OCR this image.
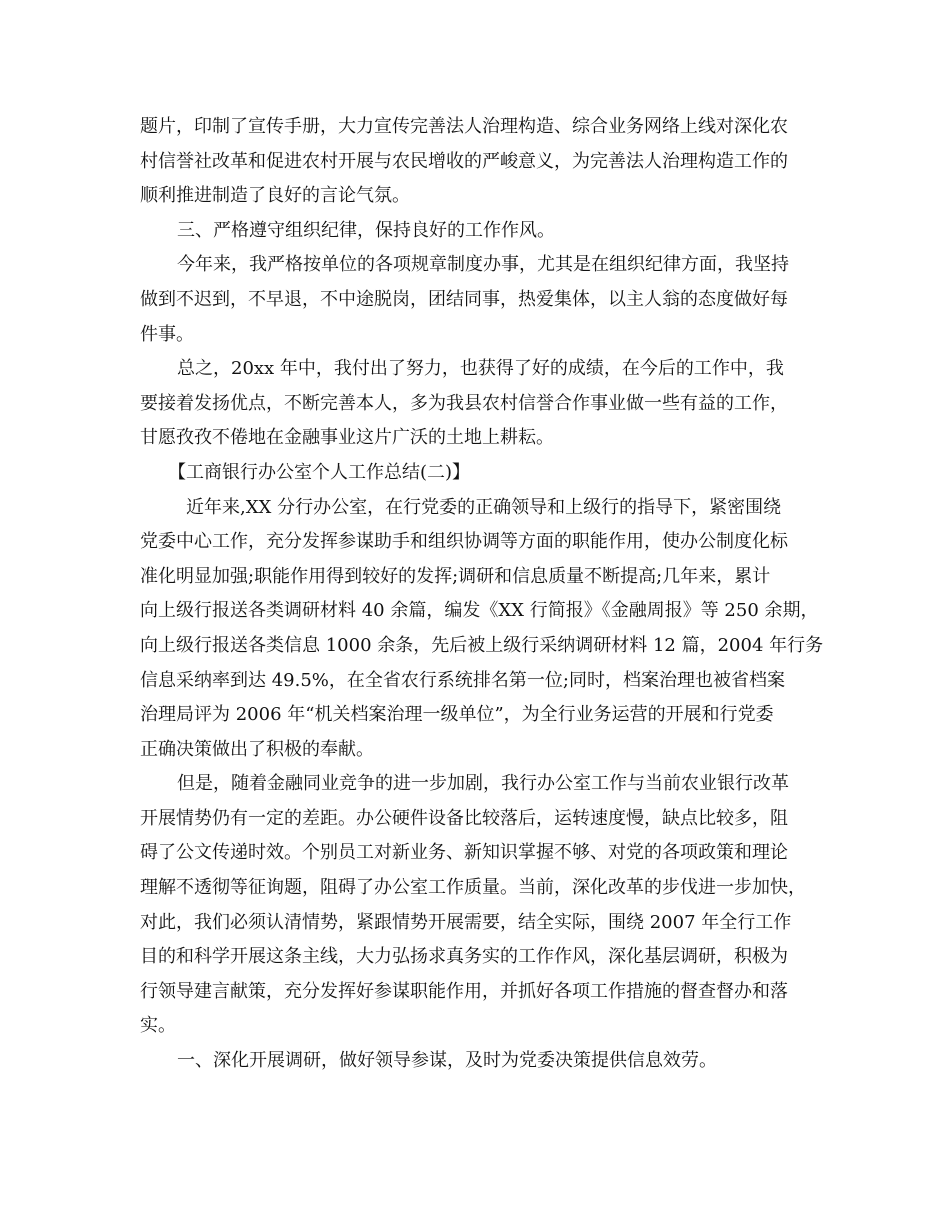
题片，印制了宣传手册，大力宣传完善法人治理构造、综合业务网络上线对深化农
村信誉社改革和促进农村开展与农民增收的严峻意义，为完善法人治理构造工作的
顺利推进制造了良好的言论气氛。
三、严格遵守组织纪律，保持良好的工作作风。
今年来，我严格按单位的各项规章制度办事，尤其是在组织纪律方面，我坚持
做到不迟到，不早退，不中途脱岗，团结同事，热爱集体，以主人翁的态度做好每
件事。
总之，20xx 年中，我付出了努力，也获得了好的成绩，在今后的工作中，我
要接着发扬优点，不断完善本人，多为我县农村信誉合作事业做一些有益的工作，
甘愿孜孜不倦地在金融事业这片广沃的土地上耕耘。
【工商银行办公室个人工作总结(二)】
近年来,XX 分行办公室，在行党委的正确领导和上级行的指导下，紧密围绕
党委中心工作，充分发挥参谋助手和组织协调等方面的职能作用，使办公制度化标
准化明显加强;职能作用得到较好的发挥;调研和信息质量不断提高;几年来，累计
向上级行报送各类调研材料 40 余篇，编发《XX 行简报》《金融周报》等 250 余期，
向上级行报送各类信息 1000 余条，先后被上级行采纳调研材料 12 篇，2004 年行务
信息采纳率到达 49.5%，在全省农行系统排名第一位;同时，档案治理也被省档案
治理局评为 2006 年“机关档案治理一级单位”，为全行业务运营的开展和行党委
正确决策做出了积极的奉献。
但是，随着金融同业竞争的进一步加剧，我行办公室工作与当前农业银行改革
开展情势仍有一定的差距。办公硬件设备比较落后，运转速度慢，缺点比较多，阻
碍了公文传递时效。个别员工对新业务、新知识掌握不够、对党的各项政策和理论
理解不透彻等征询题，阻碍了办公室工作质量。当前，深化改革的步伐进一步加快，
对此，我们必须认清情势，紧跟情势开展需要，结全实际，围绕 2007 年全行工作
目的和科学开展这条主线，大力弘扬求真务实的工作作风，深化基层调研，积极为
行领导建言献策，充分发挥好参谋职能作用，并抓好各项工作措施的督查督办和落
实。
一、深化开展调研，做好领导参谋，及时为党委决策提供信息效劳。
